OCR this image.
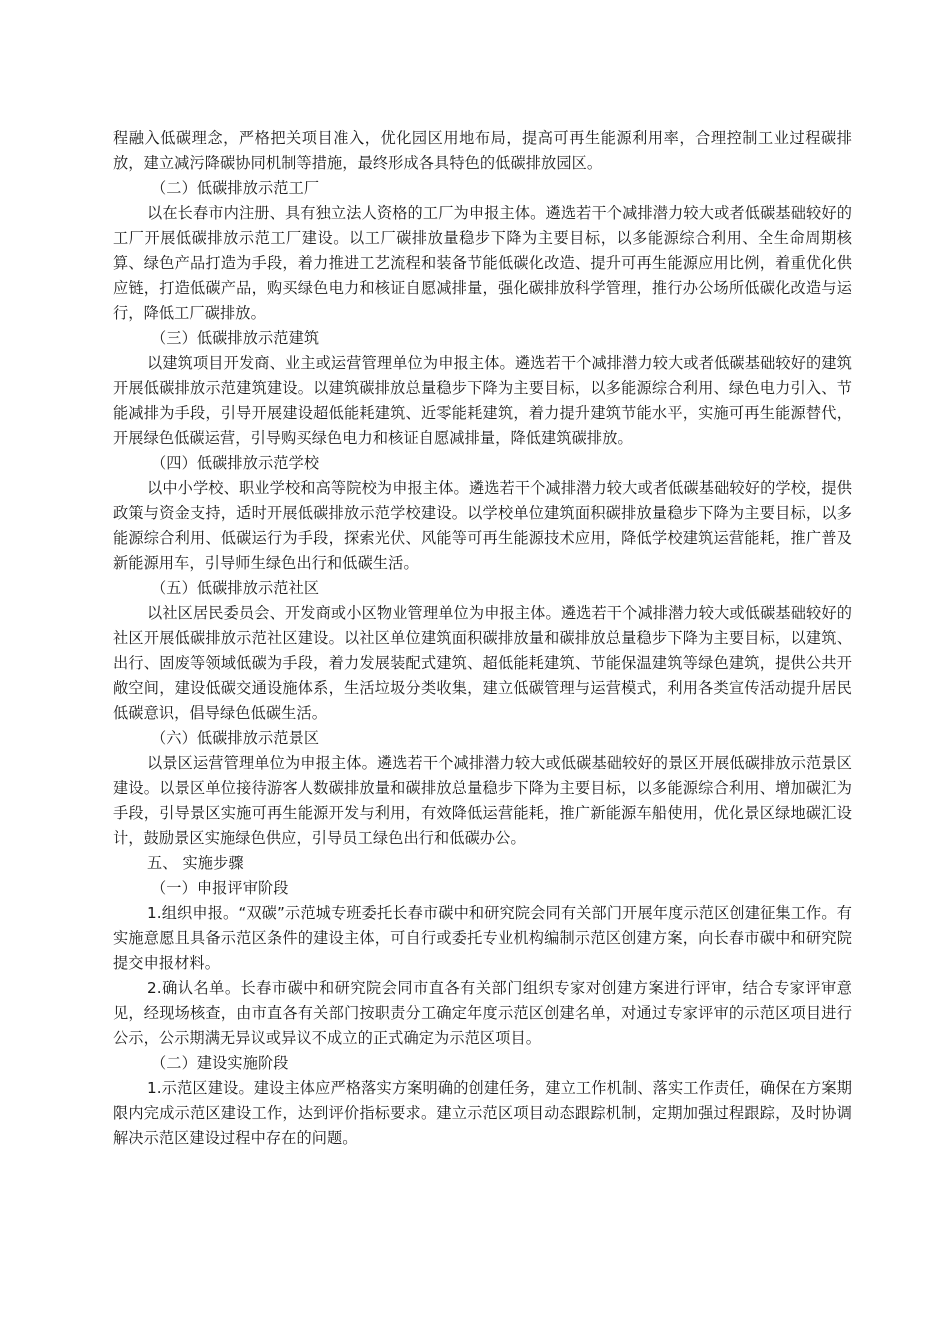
程融入低碳理念，严格把关项目准入，优化园区用地布局，提高可再生能源利用率，合理控制工业过程碳排放，建立减污降碳协同机制等措施，最终形成各具特色的低碳排放园区。

（二）低碳排放示范工厂

以在长春市内注册、具有独立法人资格的工厂为申报主体。遴选若干个减排潜力较大或者低碳基础较好的工厂开展低碳排放示范工厂建设。以工厂碳排放量稳步下降为主要目标，以多能源综合利用、全生命周期核算、绿色产品打造为手段，着力推进工艺流程和装备节能低碳化改造、提升可再生能源应用比例，着重优化供应链，打造低碳产品，购买绿色电力和核证自愿减排量，强化碳排放科学管理，推行办公场所低碳化改造与运行，降低工厂碳排放。

（三）低碳排放示范建筑

以建筑项目开发商、业主或运营管理单位为申报主体。遴选若干个减排潜力较大或者低碳基础较好的建筑开展低碳排放示范建筑建设。以建筑碳排放总量稳步下降为主要目标，以多能源综合利用、绿色电力引入、节能减排为手段，引导开展建设超低能耗建筑、近零能耗建筑，着力提升建筑节能水平，实施可再生能源替代，开展绿色低碳运营，引导购买绿色电力和核证自愿减排量，降低建筑碳排放。

（四）低碳排放示范学校

以中小学校、职业学校和高等院校为申报主体。遴选若干个减排潜力较大或者低碳基础较好的学校，提供政策与资金支持，适时开展低碳排放示范学校建设。以学校单位建筑面积碳排放量稳步下降为主要目标，以多能源综合利用、低碳运行为手段，探索光伏、风能等可再生能源技术应用，降低学校建筑运营能耗，推广普及新能源用车，引导师生绿色出行和低碳生活。

（五）低碳排放示范社区

以社区居民委员会、开发商或小区物业管理单位为申报主体。遴选若干个减排潜力较大或低碳基础较好的社区开展低碳排放示范社区建设。以社区单位建筑面积碳排放量和碳排放总量稳步下降为主要目标，以建筑、出行、固废等领域低碳为手段，着力发展装配式建筑、超低能耗建筑、节能保温建筑等绿色建筑，提供公共开敞空间，建设低碳交通设施体系，生活垃圾分类收集，建立低碳管理与运营模式，利用各类宣传活动提升居民低碳意识，倡导绿色低碳生活。

（六）低碳排放示范景区

以景区运营管理单位为申报主体。遴选若干个减排潜力较大或低碳基础较好的景区开展低碳排放示范景区建设。以景区单位接待游客人数碳排放量和碳排放总量稳步下降为主要目标，以多能源综合利用、增加碳汇为手段，引导景区实施可再生能源开发与利用，有效降低运营能耗，推广新能源车船使用，优化景区绿地碳汇设计，鼓励景区实施绿色供应，引导员工绿色出行和低碳办公。

五、 实施步骤

（一）申报评审阶段

1.组织申报。“双碳”示范城专班委托长春市碳中和研究院会同有关部门开展年度示范区创建征集工作。有实施意愿且具备示范区条件的建设主体，可自行或委托专业机构编制示范区创建方案，向长春市碳中和研究院提交申报材料。

2.确认名单。长春市碳中和研究院会同市直各有关部门组织专家对创建方案进行评审，结合专家评审意见，经现场核查，由市直各有关部门按职责分工确定年度示范区创建名单，对通过专家评审的示范区项目进行公示，公示期满无异议或异议不成立的正式确定为示范区项目。

（二）建设实施阶段

1.示范区建设。建设主体应严格落实方案明确的创建任务，建立工作机制、落实工作责任，确保在方案期限内完成示范区建设工作，达到评价指标要求。建立示范区项目动态跟踪机制，定期加强过程跟踪，及时协调解决示范区建设过程中存在的问题。
